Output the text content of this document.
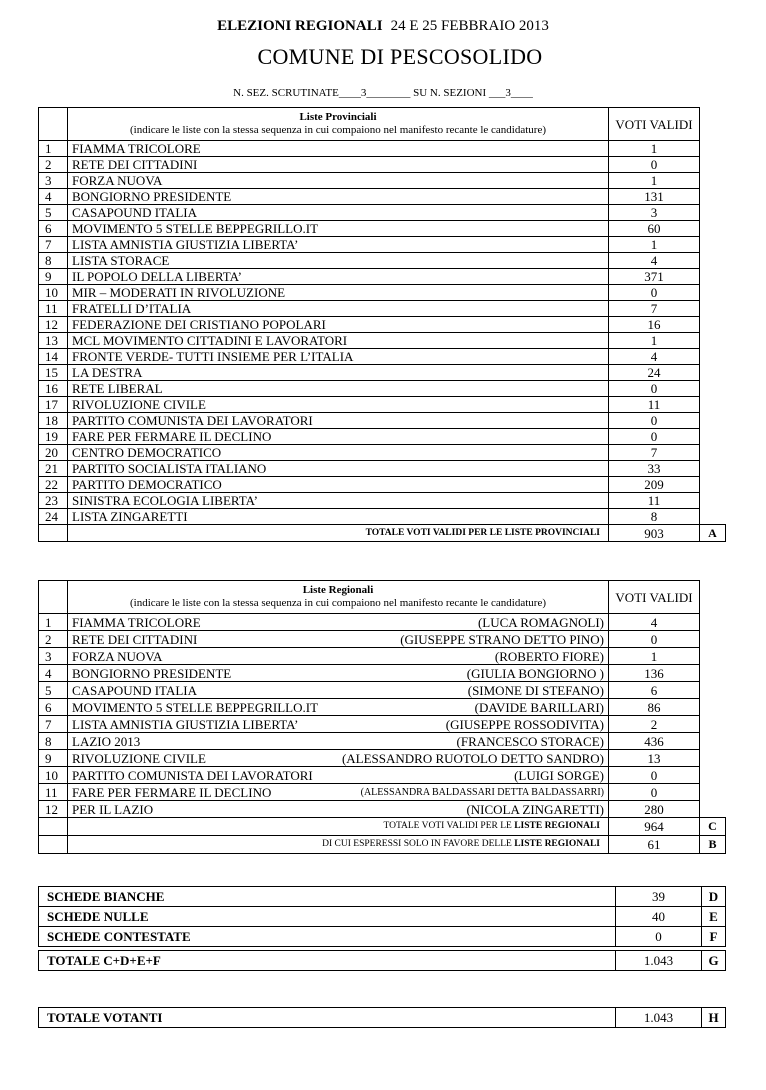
ELEZIONI REGIONALI 24 E 25 FEBBRAIO 2013
COMUNE DI PESCOSOLIDO
N. SEZ. SCRUTINATE____3________ SU N. SEZIONI ___3____
	Liste Provinciali
(indicare le liste con la stessa sequenza in cui compaiono nel manifesto recante le candidature)	VOTI VALIDI	
1	FIAMMA TRICOLORE	1	
2	RETE DEI CITTADINI	0	
3	FORZA NUOVA	1	
4	BONGIORNO PRESIDENTE	131	
5	CASAPOUND ITALIA	3	
6	MOVIMENTO 5 STELLE BEPPEGRILLO.IT	60	
7	LISTA AMNISTIA GIUSTIZIA LIBERTA’	1	
8	LISTA STORACE	4	
9	IL POPOLO DELLA LIBERTA’	371	
10	MIR – MODERATI IN RIVOLUZIONE	0	
11	FRATELLI D’ITALIA	7	
12	FEDERAZIONE DEI CRISTIANO POPOLARI	16	
13	MCL MOVIMENTO CITTADINI E LAVORATORI	1	
14	FRONTE VERDE- TUTTI INSIEME PER L’ITALIA	4	
15	LA DESTRA	24	
16	RETE LIBERAL	0	
17	RIVOLUZIONE CIVILE	11	
18	PARTITO COMUNISTA DEI LAVORATORI	0	
19	FARE PER FERMARE IL DECLINO	0	
20	CENTRO DEMOCRATICO	7	
21	PARTITO SOCIALISTA ITALIANO	33	
22	PARTITO DEMOCRATICO	209	
23	SINISTRA ECOLOGIA LIBERTA’	11	
24	LISTA ZINGARETTI	8	
	TOTALE VOTI VALIDI PER LE LISTE PROVINCIALI	903	A
	Liste Regionali
(indicare le liste con la stessa sequenza in cui compaiono nel manifesto recante le candidature)	VOTI VALIDI	
1	FIAMMA TRICOLORE (LUCA ROMAGNOLI)	4	
2	RETE DEI CITTADINI (GIUSEPPE STRANO DETTO PINO)	0	
3	FORZA NUOVA (ROBERTO FIORE)	1	
4	BONGIORNO PRESIDENTE (GIULIA BONGIORNO )	136	
5	CASAPOUND ITALIA (SIMONE DI STEFANO)	6	
6	MOVIMENTO 5 STELLE BEPPEGRILLO.IT (DAVIDE BARILLARI)	86	
7	LISTA AMNISTIA GIUSTIZIA LIBERTA’ (GIUSEPPE ROSSODIVITA)	2	
8	LAZIO 2013 (FRANCESCO STORACE)	436	
9	RIVOLUZIONE CIVILE (ALESSANDRO RUOTOLO DETTO SANDRO)	13	
10	PARTITO COMUNISTA DEI LAVORATORI (LUIGI SORGE)	0	
11	FARE PER FERMARE IL DECLINO (ALESSANDRA BALDASSARI DETTA BALDASSARRI)	0	
12	PER IL LAZIO (NICOLA ZINGARETTI)	280	
	TOTALE VOTI VALIDI PER LE LISTE REGIONALI	964	C
	DI CUI ESPERESSI SOLO IN FAVORE DELLE LISTE REGIONALI	61	B
SCHEDE BIANCHE	39	D
SCHEDE NULLE	40	E
SCHEDE CONTESTATE	0	F

TOTALE C+D+E+F	1.043	G
TOTALE VOTANTI	1.043	H
